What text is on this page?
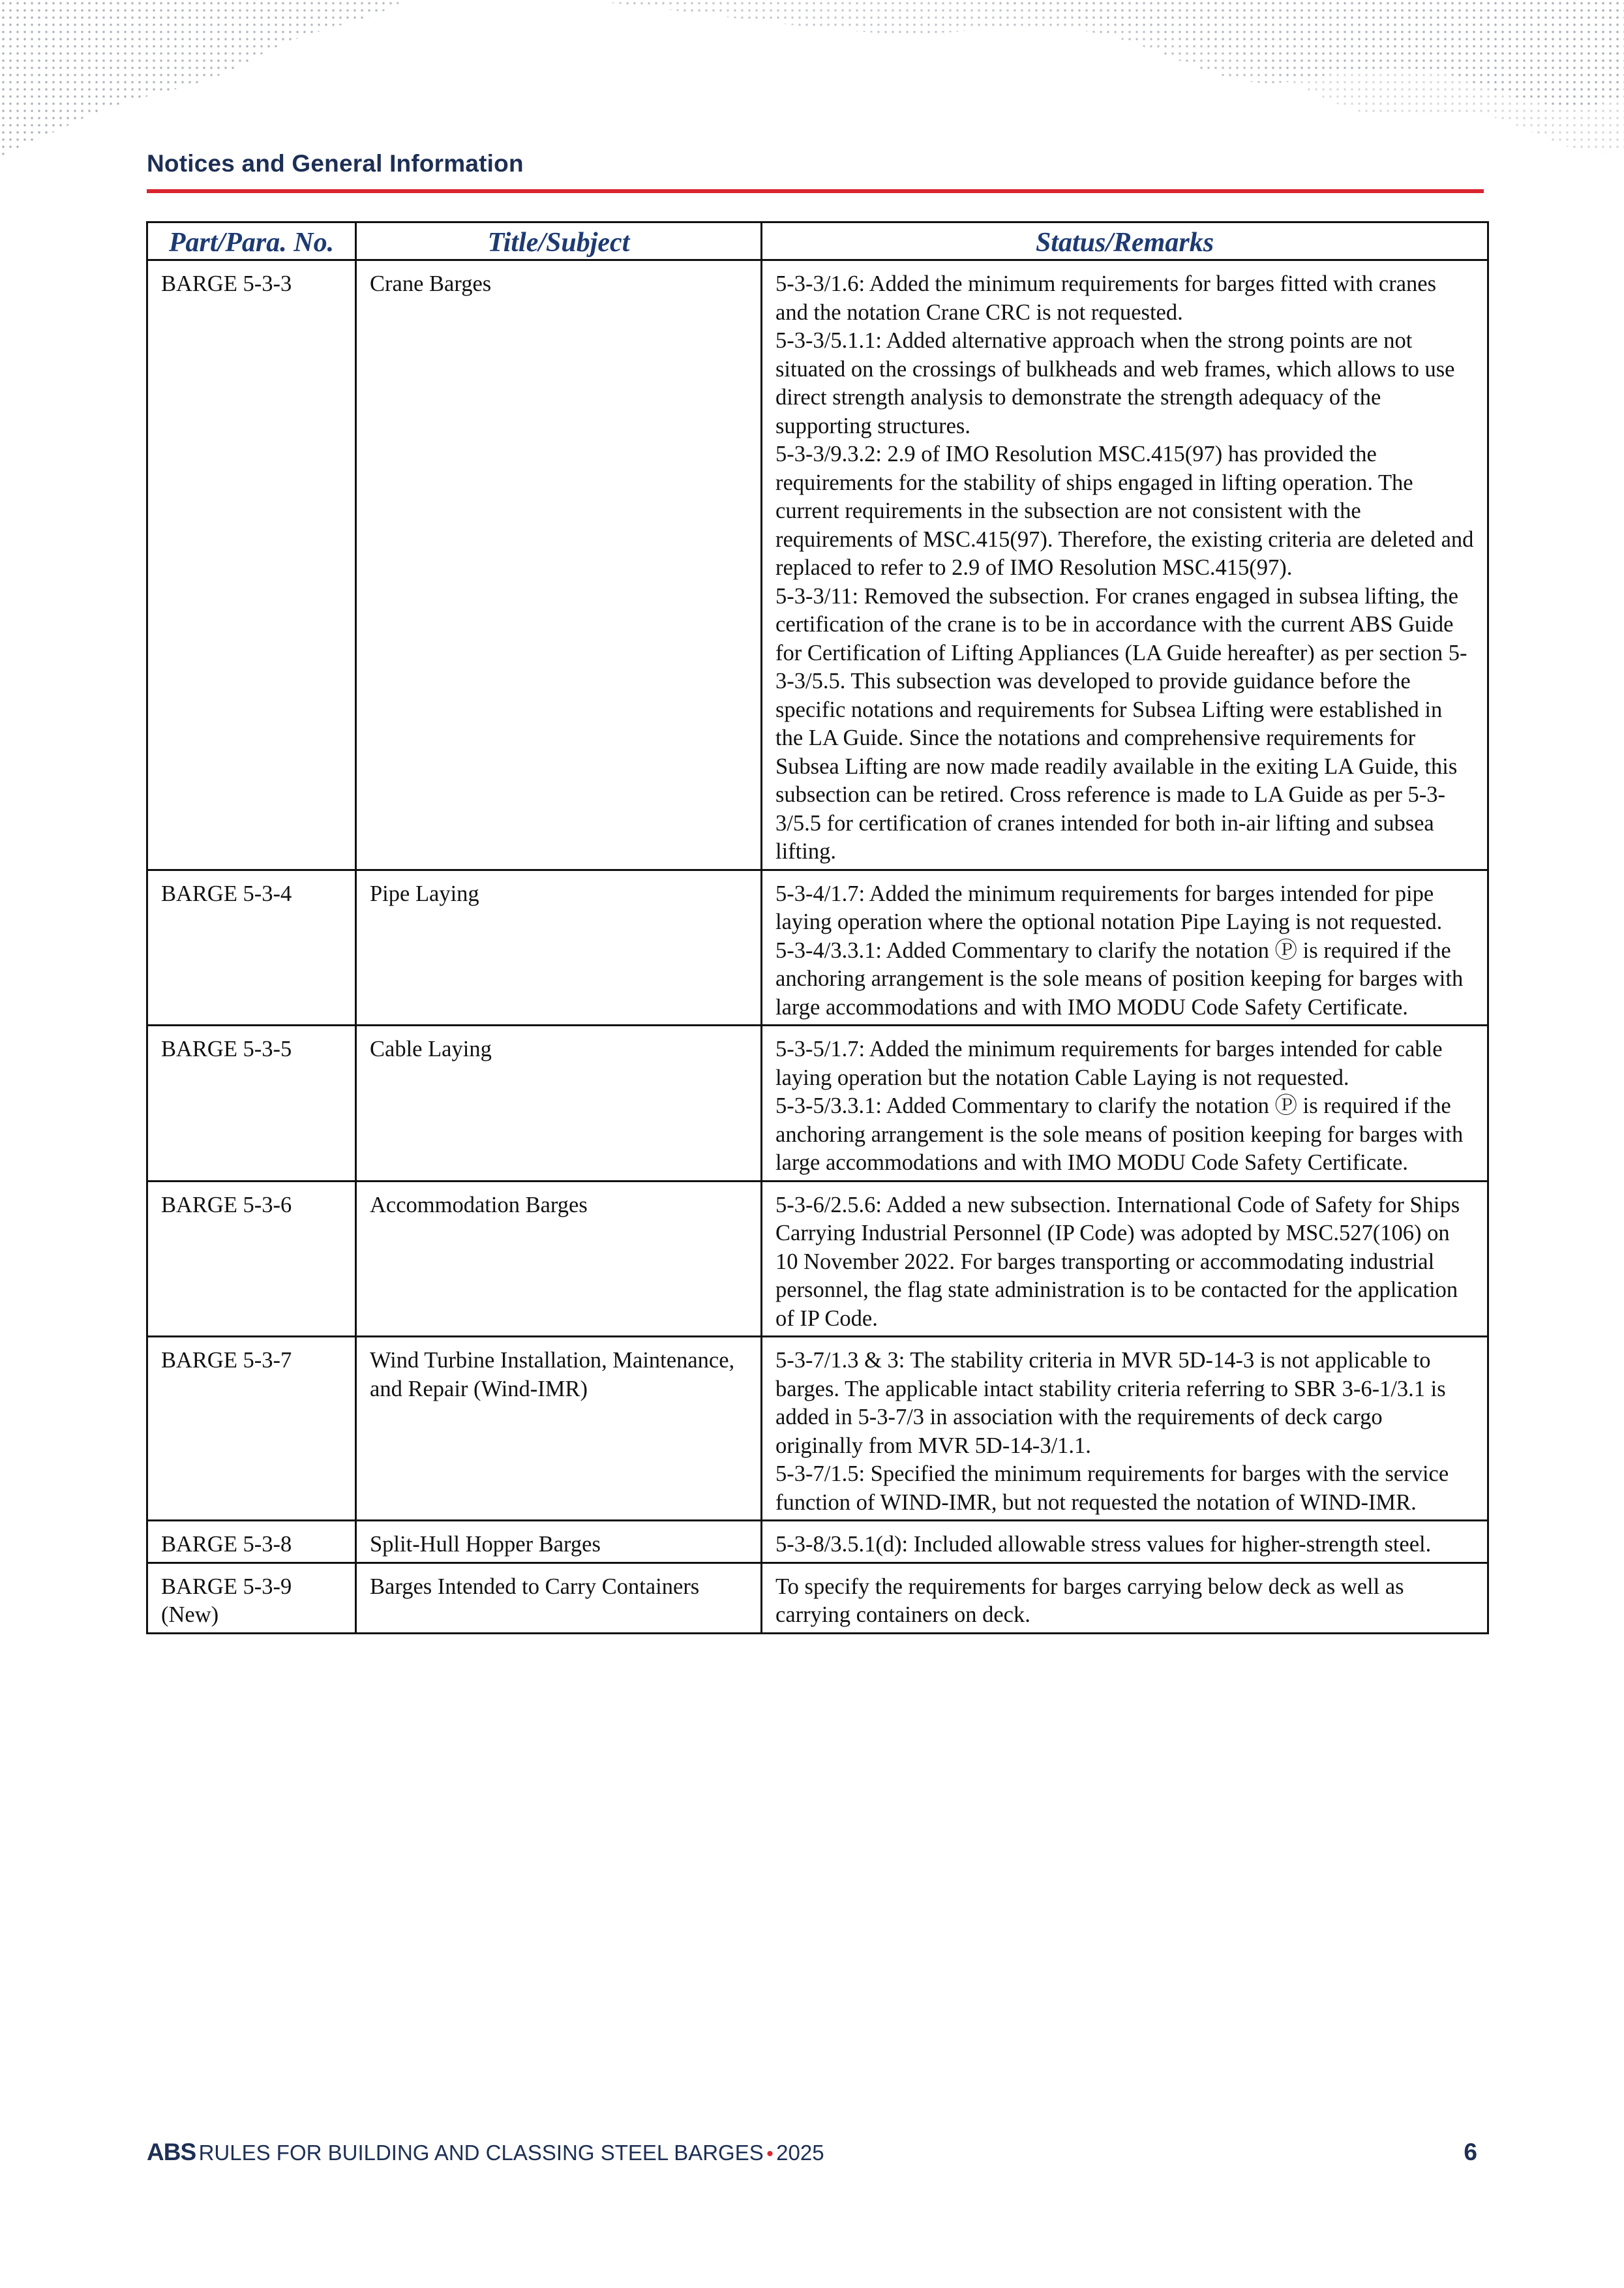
Notices and General Information
Part/Para. No.	Title/Subject	Status/Remarks
BARGE 5-3-3	Crane Barges	5-3-3/1.6: Added the minimum requirements for barges fitted with cranes and the notation Crane CRC is not requested.
5-3-3/5.1.1: Added alternative approach when the strong points are not situated on the crossings of bulkheads and web frames, which allows to use direct strength analysis to demonstrate the strength adequacy of the supporting structures.
5-3-3/9.3.2: 2.9 of IMO Resolution MSC.415(97) has provided the requirements for the stability of ships engaged in lifting operation. The current requirements in the subsection are not consistent with the requirements of MSC.415(97). Therefore, the existing criteria are deleted and replaced to refer to 2.9 of IMO Resolution MSC.415(97).
5-3-3/11: Removed the subsection. For cranes engaged in subsea lifting, the certification of the crane is to be in accordance with the current ABS Guide for Certification of Lifting Appliances (LA Guide hereafter) as per section 5-3-3/5.5. This subsection was developed to provide guidance before the specific notations and requirements for Subsea Lifting were established in the LA Guide. Since the notations and comprehensive requirements for Subsea Lifting are now made readily available in the exiting LA Guide, this subsection can be retired. Cross reference is made to LA Guide as per 5-3-3/5.5 for certification of cranes intended for both in-air lifting and subsea lifting.

BARGE 5-3-4	Pipe Laying	5-3-4/1.7: Added the minimum requirements for barges intended for pipe laying operation where the optional notation Pipe Laying is not requested.
5-3-4/3.3.1: Added Commentary to clarify the notation Ⓟ is required if the anchoring arrangement is the sole means of position keeping for barges with large accommodations and with IMO MODU Code Safety Certificate.

BARGE 5-3-5	Cable Laying	5-3-5/1.7: Added the minimum requirements for barges intended for cable laying operation but the notation Cable Laying is not requested.
5-3-5/3.3.1: Added Commentary to clarify the notation Ⓟ is required if the anchoring arrangement is the sole means of position keeping for barges with large accommodations and with IMO MODU Code Safety Certificate.

BARGE 5-3-6	Accommodation Barges	5-3-6/2.5.6: Added a new subsection. International Code of Safety for Ships Carrying Industrial Personnel (IP Code) was adopted by MSC.527(106) on 10 November 2022. For barges transporting or accommodating industrial personnel, the flag state administration is to be contacted for the application of IP Code.

BARGE 5-3-7	Wind Turbine Installation, Maintenance, and Repair (Wind-IMR)	5-3-7/1.3 & 3: The stability criteria in MVR 5D-14-3 is not applicable to barges. The applicable intact stability criteria referring to SBR 3-6-1/3.1 is added in 5-3-7/3 in association with the requirements of deck cargo originally from MVR 5D-14-3/1.1.
5-3-7/1.5: Specified the minimum requirements for barges with the service function of WIND-IMR, but not requested the notation of WIND-IMR.

BARGE 5-3-8	Split-Hull Hopper Barges	5-3-8/3.5.1(d): Included allowable stress values for higher-strength steel.

BARGE 5-3-9 (New)	Barges Intended to Carry Containers	To specify the requirements for barges carrying below deck as well as carrying containers on deck.
ABS RULES FOR BUILDING AND CLASSING STEEL BARGES • 2025	6
